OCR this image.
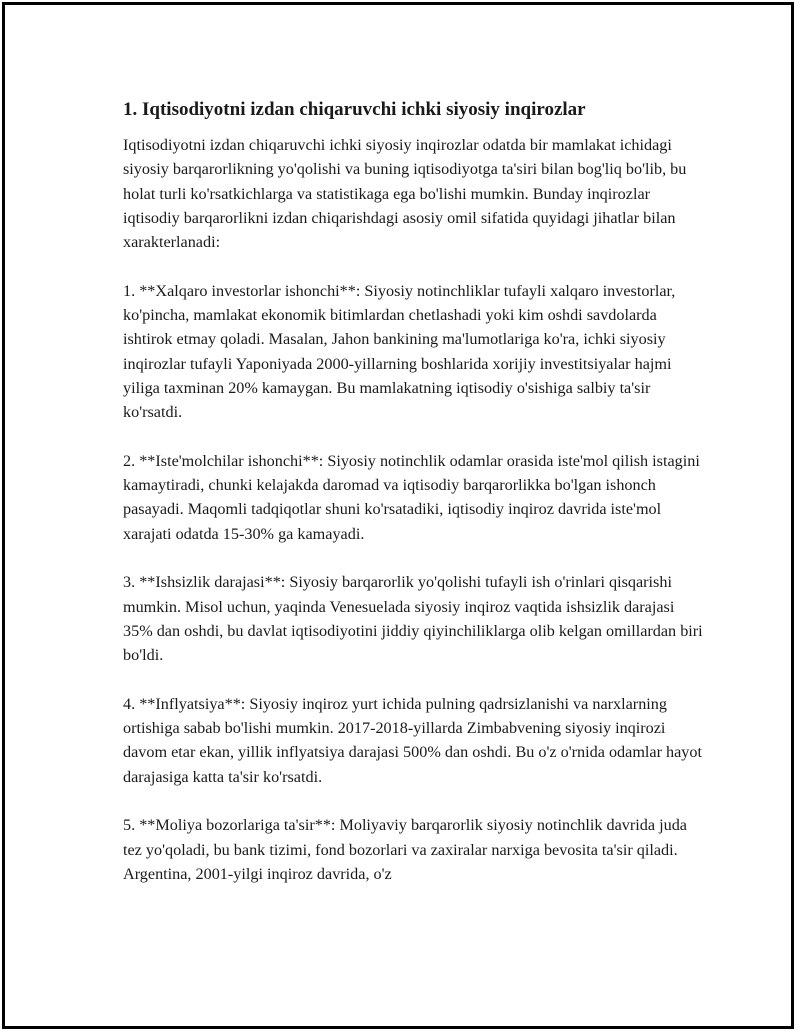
1. Iqtisodiyotni izdan chiqaruvchi ichki siyosiy inqirozlar

Iqtisodiyotni izdan chiqaruvchi ichki siyosiy inqirozlar odatda bir mamlakat ichidagi siyosiy barqarorlikning yo'qolishi va buning iqtisodiyotga ta'siri bilan bog'liq bo'lib, bu holat turli ko'rsatkichlarga va statistikaga ega bo'lishi mumkin. Bunday inqirozlar iqtisodiy barqarorlikni izdan chiqarishdagi asosiy omil sifatida quyidagi jihatlar bilan xarakterlanadi:

1. **Xalqaro investorlar ishonchi**: Siyosiy notinchliklar tufayli xalqaro investorlar, ko'pincha, mamlakat ekonomik bitimlardan chetlashadi yoki kim oshdi savdolarda ishtirok etmay qoladi. Masalan, Jahon bankining ma'lumotlariga ko'ra, ichki siyosiy inqirozlar tufayli Yaponiyada 2000-yillarning boshlarida xorijiy investitsiyalar hajmi yiliga taxminan 20% kamaygan. Bu mamlakatning iqtisodiy o'sishiga salbiy ta'sir ko'rsatdi.

2. **Iste'molchilar ishonchi**: Siyosiy notinchlik odamlar orasida iste'mol qilish istagini kamaytiradi, chunki kelajakda daromad va iqtisodiy barqarorlikka bo'lgan ishonch pasayadi. Maqomli tadqiqotlar shuni ko'rsatadiki, iqtisodiy inqiroz davrida iste'mol xarajati odatda 15-30% ga kamayadi.

3. **Ishsizlik darajasi**: Siyosiy barqarorlik yo'qolishi tufayli ish o'rinlari qisqarishi mumkin. Misol uchun, yaqinda Venesuelada siyosiy inqiroz vaqtida ishsizlik darajasi 35% dan oshdi, bu davlat iqtisodiyotini jiddiy qiyinchiliklarga olib kelgan omillardan biri bo'ldi.

4. **Inflyatsiya**: Siyosiy inqiroz yurt ichida pulning qadrsizlanishi va narxlarning ortishiga sabab bo'lishi mumkin. 2017-2018-yillarda Zimbabvening siyosiy inqirozi davom etar ekan, yillik inflyatsiya darajasi 500% dan oshdi. Bu o'z o'rnida odamlar hayot darajasiga katta ta'sir ko'rsatdi.

5. **Moliya bozorlariga ta'sir**: Moliyaviy barqarorlik siyosiy notinchlik davrida juda tez yo'qoladi, bu bank tizimi, fond bozorlari va zaxiralar narxiga bevosita ta'sir qiladi. Argentina, 2001-yilgi inqiroz davrida, o'z
